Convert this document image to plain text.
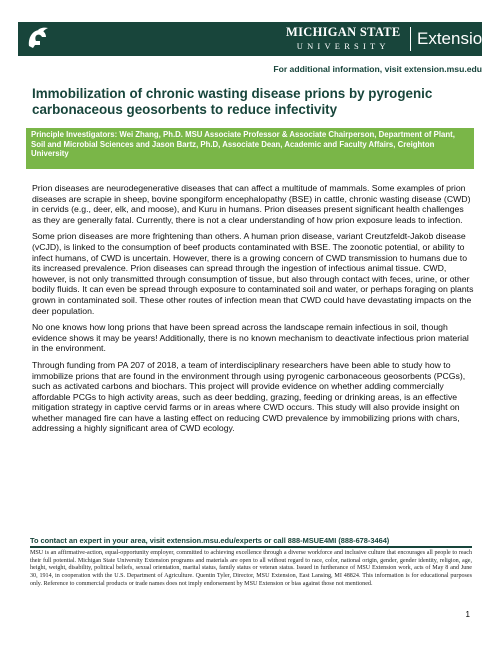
MICHIGAN STATE
UNIVERSITY	Extension
For additional information, visit extension.msu.edu
Immobilization of chronic wasting disease prions by pyrogenic carbonaceous geosorbents to reduce infectivity
Principle Investigators: Wei Zhang, Ph.D. MSU Associate Professor & Associate Chairperson, Department of Plant, Soil and Microbial Sciences and Jason Bartz, Ph.D, Associate Dean, Academic and Faculty Affairs, Creighton University

Prion diseases are neurodegenerative diseases that can affect a multitude of mammals. Some examples of prion diseases are scrapie in sheep, bovine spongiform encephalopathy (BSE) in cattle, chronic wasting disease (CWD) in cervids (e.g., deer, elk, and moose), and Kuru in humans. Prion diseases present significant health challenges as they are generally fatal. Currently, there is not a clear understanding of how prion exposure leads to infection.

Some prion diseases are more frightening than others. A human prion disease, variant Creutzfeldt-Jakob disease (vCJD), is linked to the consumption of beef products contaminated with BSE. The zoonotic potential, or ability to infect humans, of CWD is uncertain. However, there is a growing concern of CWD transmission to humans due to its increased prevalence. Prion diseases can spread through the ingestion of infectious animal tissue. CWD, however, is not only transmitted through consumption of tissue, but also through contact with feces, urine, or other bodily fluids. It can even be spread through exposure to contaminated soil and water, or perhaps foraging on plants grown in contaminated soil. These other routes of infection mean that CWD could have devastating impacts on the deer population.

No one knows how long prions that have been spread across the landscape remain infectious in soil, though evidence shows it may be years! Additionally, there is no known mechanism to deactivate infectious prion material in the environment.

Through funding from PA 207 of 2018, a team of interdisciplinary researchers have been able to study how to immobilize prions that are found in the environment through using pyrogenic carbonaceous geosorbents (PCGs), such as activated carbons and biochars. This project will provide evidence on whether adding commercially affordable PCGs to high activity areas, such as deer bedding, grazing, feeding or drinking areas, is an effective mitigation strategy in captive cervid farms or in areas where CWD occurs. This study will also provide insight on whether managed fire can have a lasting effect on reducing CWD prevalence by immobilizing prions with chars, addressing a highly significant area of CWD ecology.

To contact an expert in your area, visit extension.msu.edu/experts or call 888-MSUE4MI (888-678-3464)
MSU is an affirmative-action, equal-opportunity employer, committed to achieving excellence through a diverse workforce and inclusive culture that encourages all people to reach their full potential. Michigan State University Extension programs and materials are open to all without regard to race, color, national origin, gender, gender identity, religion, age, height, weight, disability, political beliefs, sexual orientation, marital status, family status or veteran status. Issued in furtherance of MSU Extension work, acts of May 8 and June 30, 1914, in cooperation with the U.S. Department of Agriculture. Quentin Tyler, Director, MSU Extension, East Lansing, MI 48824. This information is for educational purposes only. Reference to commercial products or trade names does not imply endorsement by MSU Extension or bias against those not mentioned.
1
